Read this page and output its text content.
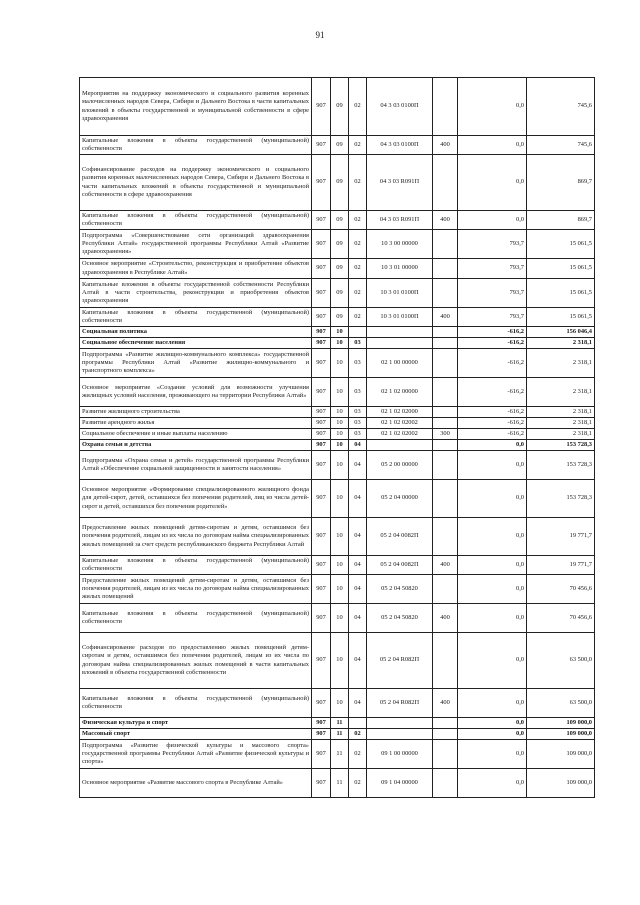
91
Мероприятия на поддержку экономического и социального развития коренных малочисленных народов Севера, Сибири и Дальнего Востока в части капитальных вложений в объекты государственной и муниципальной собственности в сфере здравоохранения	907	09	02	04 3 03 0100П		0,0	745,6
Капитальные вложения в объекты государственной (муниципальной) собственности	907	09	02	04 3 03 0100П	400	0,0	745,6
Софинансирование расходов на поддержку экономического и социального развития коренных малочисленных народов Севера, Сибири и Дальнего Востока в части капитальных вложений в объекты государственной и муниципальной собственности в сфере здравоохранения	907	09	02	04 3 03 R091П		0,0	869,7
Капитальные вложения в объекты государственной (муниципальной) собственности	907	09	02	04 3 03 R091П	400	0,0	869,7
Подпрограмма «Совершенствование сети организаций здравоохранения Республики Алтай» государственной программы Республики Алтай «Развитие здравоохранения»	907	09	02	10 3 00 00000		793,7	15 061,5
Основное мероприятие «Строительство, реконструкция и приобретение объектов здравоохранения в Республике Алтай»	907	09	02	10 3 01 00000		793,7	15 061,5
Капитальные вложения в объекты государственной собственности Республики Алтай в части строительства, реконструкции и приобретения объектов здравоохранения	907	09	02	10 3 01 0100П		793,7	15 061,5
Капитальные вложения в объекты государственной (муниципальной) собственности	907	09	02	10 3 01 0100П	400	793,7	15 061,5
Социальная политика	907	10				-616,2	156 046,4
Социальное обеспечение населения	907	10	03			-616,2	2 318,1
Подпрограмма «Развитие жилищно-коммунального комплекса» государственной программы Республики Алтай «Развитие жилищно-коммунального и транспортного комплекса»	907	10	03	02 1 00 00000		-616,2	2 318,1
Основное мероприятие «Создание условий для возможности улучшения жилищных условий населения, проживающего на территории Республики Алтай»	907	10	03	02 1 02 00000		-616,2	2 318,1
Развитие жилищного строительства	907	10	03	02 1 02 02000		-616,2	2 318,1
Развитие арендного жилья	907	10	03	02 1 02 02002		-616,2	2 318,1
Социальное обеспечение и иные выплаты населению	907	10	03	02 1 02 02002	300	-616,2	2 318,1
Охрана семьи и детства	907	10	04			0,0	153 728,3
Подпрограмма «Охрана семьи и детей» государственной программы Республики Алтай «Обеспечение социальной защищенности и занятости населения»	907	10	04	05 2 00 00000		0,0	153 728,3
Основное мероприятие «Формирование специализированного жилищного фонда для детей-сирот, детей, оставшихся без попечения родителей, лиц из числа детей-сирот и детей, оставшихся без попечения родителей»	907	10	04	05 2 04 00000		0,0	153 728,3
Предоставление жилых помещений детям-сиротам и детям, оставшимся без попечения родителей, лицам из их числа по договорам найма специализированных жилых помещений за счет средств республиканского бюджета Республики Алтай	907	10	04	05 2 04 0082П		0,0	19 771,7
Капитальные вложения в объекты государственной (муниципальной) собственности	907	10	04	05 2 04 0082П	400	0,0	19 771,7
Предоставление жилых помещений детям-сиротам и детям, оставшимся без попечения родителей, лицам из их числа по договорам найма специализированных жилых помещений	907	10	04	05 2 04 50820		0,0	70 456,6
Капитальные вложения в объекты государственной (муниципальной) собственности	907	10	04	05 2 04 50820	400	0,0	70 456,6
Софинансирование расходов по предоставлению жилых помещений детям-сиротам и детям, оставшимся без попечения родителей, лицам из их числа по договорам найма специализированных жилых помещений в части капитальных вложений в объекты государственной собственности	907	10	04	05 2 04 R082П		0,0	63 500,0
Капитальные вложения в объекты государственной (муниципальной) собственности	907	10	04	05 2 04 R082П	400	0,0	63 500,0
Физическая культура и спорт	907	11				0,0	109 000,0
Массовый спорт	907	11	02			0,0	109 000,0
Подпрограмма «Развитие физической культуры и массового спорта» государственной программы Республики Алтай «Развитие физической культуры и спорта»	907	11	02	09 1 00 00000		0,0	109 000,0
Основное мероприятие «Развитие массового спорта в Республике Алтай»	907	11	02	09 1 04 00000		0,0	109 000,0
